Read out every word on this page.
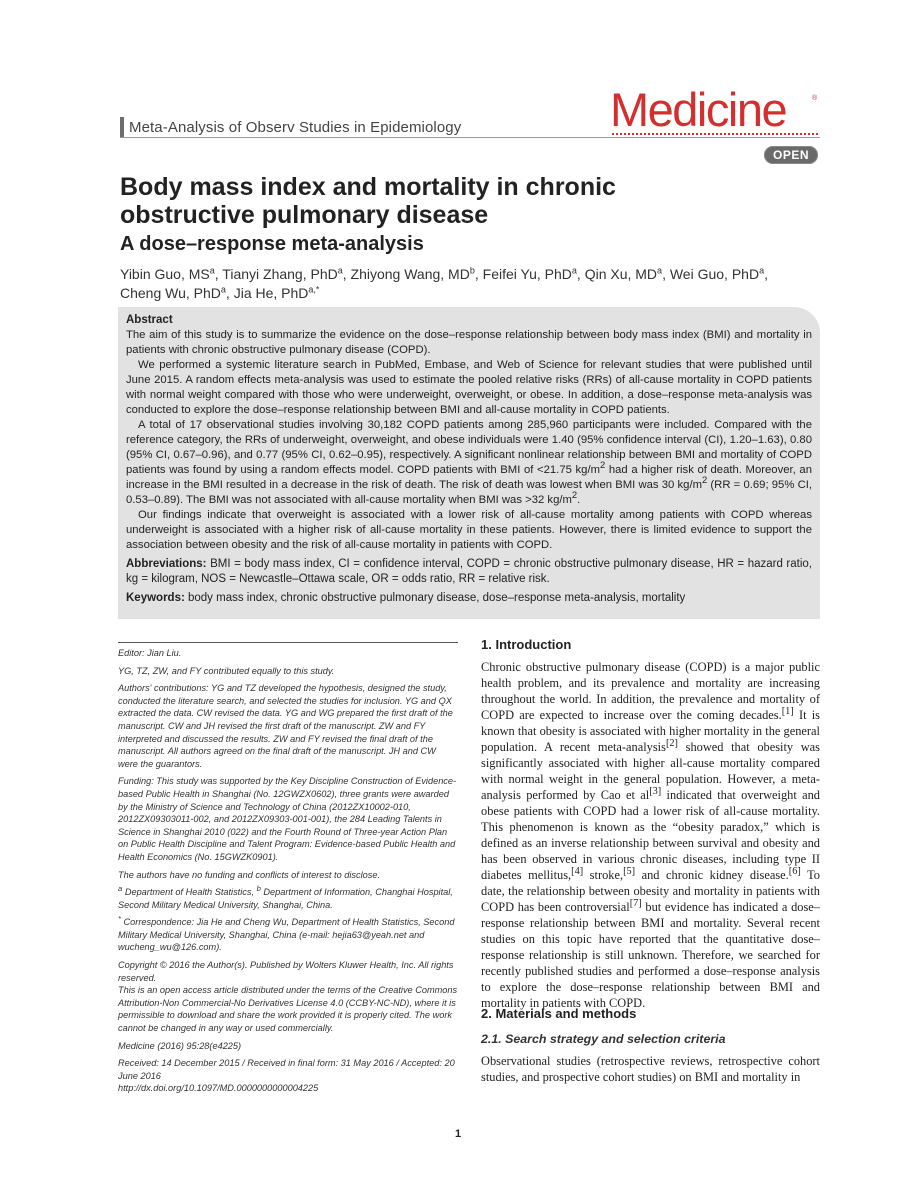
Meta-Analysis of Observ Studies in Epidemiology	Medicine	®
OPEN
Body mass index and mortality in chronic obstructive pulmonary disease
A dose–response meta-analysis
Yibin Guo, $MS^a$, Tianyi Zhang, PhD$^a$, Zhiyong Wang, $MD^b$, Feifei Yu, PhD$^a$, Qin Xu, $MD^a$, Wei Guo, PhD$^a$, Cheng Wu, PhD$^a$, Jia He, PhD$^{a,*}$

Abstract

The aim of this study is to summarize the evidence on the dose–response relationship between body mass index (BMI) and mortality in patients with chronic obstructive pulmonary disease (COPD).

We performed a systemic literature search in PubMed, Embase, and Web of Science for relevant studies that were published until June 2015. A random effects meta-analysis was used to estimate the pooled relative risks (RRs) of all-cause mortality in COPD patients with normal weight compared with those who were underweight, overweight, or obese. In addition, a dose–response meta-analysis was conducted to explore the dose–response relationship between BMI and all-cause mortality in COPD patients.

A total of 17 observational studies involving 30,182 COPD patients among 285,960 participants were included. Compared with the reference category, the RRs of underweight, overweight, and obese individuals were 1.40 (95% confidence interval (CI), 1.20–1.63), 0.80 (95% CI, 0.67–0.96), and 0.77 (95% CI, 0.62–0.95), respectively. A significant nonlinear relationship between BMI and mortality of COPD patients was found by using a random effects model. COPD patients with BMI of <21.75 $kg/m^2$ had a higher risk of death. Moreover, an increase in the BMI resulted in a decrease in the risk of death. The risk of death was lowest when BMI was 30 $kg/m^2$ (RR = 0.69; 95% CI, 0.53–0.89). The BMI was not associated with all-cause mortality when BMI was >32 $kg/m^2$.

Our findings indicate that overweight is associated with a lower risk of all-cause mortality among patients with COPD whereas underweight is associated with a higher risk of all-cause mortality in these patients. However, there is limited evidence to support the association between obesity and the risk of all-cause mortality in patients with COPD.

Abbreviations: BMI = body mass index, CI = confidence interval, COPD = chronic obstructive pulmonary disease, HR = hazard ratio, kg = kilogram, NOS = Newcastle–Ottawa scale, OR = odds ratio, RR = relative risk.

Keywords: body mass index, chronic obstructive pulmonary disease, dose–response meta-analysis, mortality

Editor: Jian Liu.

YG, TZ, ZW, and FY contributed equally to this study.

Authors' contributions: YG and TZ developed the hypothesis, designed the study, conducted the literature search, and selected the studies for inclusion. YG and QX extracted the data. CW revised the data. YG and WG prepared the first draft of the manuscript. CW and JH revised the first draft of the manuscript. ZW and FY interpreted and discussed the results. ZW and FY revised the final draft of the manuscript. All authors agreed on the final draft of the manuscript. JH and CW were the guarantors.

Funding: This study was supported by the Key Discipline Construction of Evidence-based Public Health in Shanghai (No. 12GWZX0602), three grants were awarded by the Ministry of Science and Technology of China (2012ZX10002-010, 2012ZX09303011-002, and 2012ZX09303-001-001), the 284 Leading Talents in Science in Shanghai 2010 (022) and the Fourth Round of Three-year Action Plan on Public Health Discipline and Talent Program: Evidence-based Public Health and Health Economics (No. 15GWZK0901).

The authors have no funding and conflicts of interest to disclose.

$^a$ Department of Health Statistics, $^b$ Department of Information, Changhai Hospital, Second Military Medical University, Shanghai, China.

* Correspondence: Jia He and Cheng Wu, Department of Health Statistics, Second Military Medical University, Shanghai, China (e-mail: hejia63@yeah.net and wucheng_wu@126.com).

Copyright © 2016 the Author(s). Published by Wolters Kluwer Health, Inc. All rights reserved.

This is an open access article distributed under the terms of the Creative Commons Attribution-Non Commercial-No Derivatives License 4.0 (CCBY-NC-ND), where it is permissible to download and share the work provided it is properly cited. The work cannot be changed in any way or used commercially.

Medicine (2016) 95:28(e4225)

Received: 14 December 2015 / Received in final form: 31 May 2016 / Accepted: 20 June 2016

http://dx.doi.org/10.1097/MD.0000000000004225

1. Introduction

Chronic obstructive pulmonary disease (COPD) is a major public health problem, and its prevalence and mortality are increasing throughout the world. In addition, the prevalence and mortality of COPD are expected to increase over the coming decades.[1] It is known that obesity is associated with higher mortality in the general population. A recent meta-analysis[2] showed that obesity was significantly associated with higher all-cause mortality compared with normal weight in the general population. However, a meta-analysis performed by Cao et al[3] indicated that overweight and obese patients with COPD had a lower risk of all-cause mortality. This phenomenon is known as the “obesity paradox,” which is defined as an inverse relationship between survival and obesity and has been observed in various chronic diseases, including type II diabetes mellitus,[4] stroke,[5] and chronic kidney disease.[6] To date, the relationship between obesity and mortality in patients with COPD has been controversial[7] but evidence has indicated a dose–response relationship between BMI and mortality. Several recent studies on this topic have reported that the quantitative dose–response relationship is still unknown. Therefore, we searched for recently published studies and performed a dose–response analysis to explore the dose–response relationship between BMI and mortality in patients with COPD.

2. Materials and methods
2.1. Search strategy and selection criteria

Observational studies (retrospective reviews, retrospective cohort studies, and prospective cohort studies) on BMI and mortality in

1
